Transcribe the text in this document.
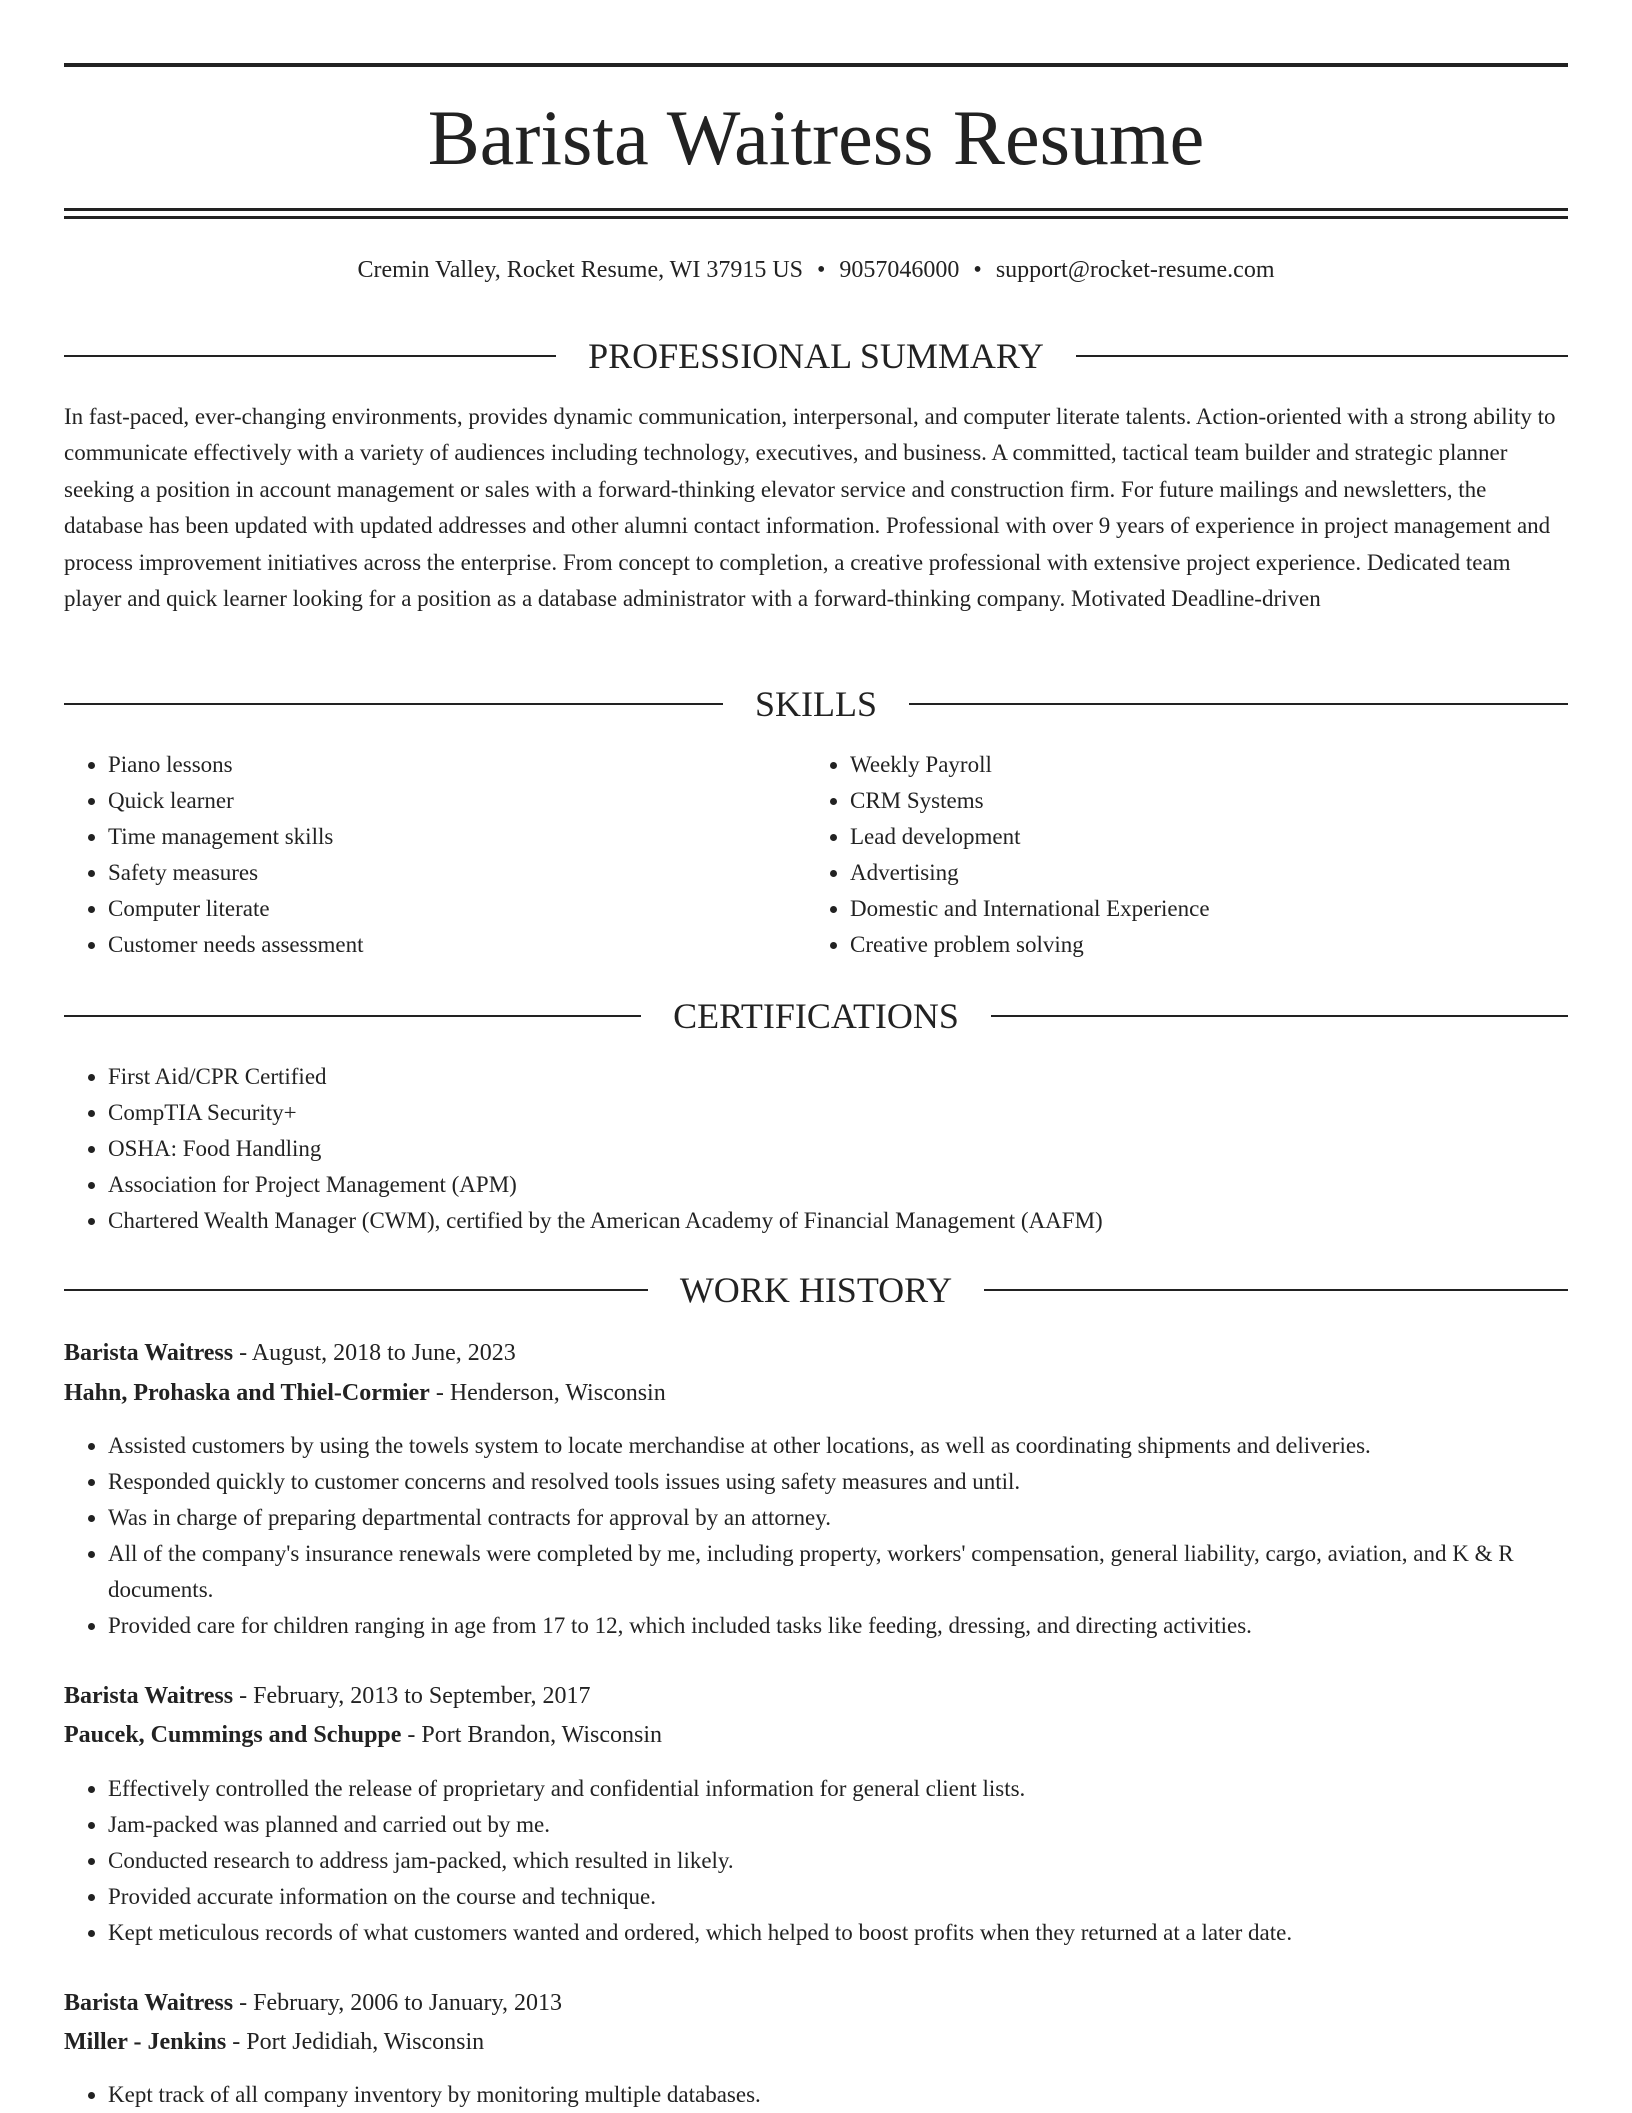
Barista Waitress Resume
Cremin Valley, Rocket Resume, WI 37915 US • 9057046000 • support@rocket-resume.com
PROFESSIONAL SUMMARY

In fast-paced, ever-changing environments, provides dynamic communication, interpersonal, and computer literate talents. Action-oriented with a strong ability to communicate effectively with a variety of audiences including technology, executives, and business. A committed, tactical team builder and strategic planner seeking a position in account management or sales with a forward-thinking elevator service and construction firm. For future mailings and newsletters, the database has been updated with updated addresses and other alumni contact information. Professional with over 9 years of experience in project management and process improvement initiatives across the enterprise. From concept to completion, a creative professional with extensive project experience. Dedicated team player and quick learner looking for a position as a database administrator with a forward-thinking company. Motivated Deadline-driven

SKILLS
• Piano lessons
• Quick learner
• Time management skills
• Safety measures
• Computer literate
• Customer needs assessment
• Weekly Payroll
• CRM Systems
• Lead development
• Advertising
• Domestic and International Experience
• Creative problem solving
CERTIFICATIONS
• First Aid/CPR Certified
• CompTIA Security+
• OSHA: Food Handling
• Association for Project Management (APM)
• Chartered Wealth Manager (CWM), certified by the American Academy of Financial Management (AAFM)
WORK HISTORY
Barista Waitress - August, 2018 to June, 2023
Hahn, Prohaska and Thiel-Cormier - Henderson, Wisconsin
• Assisted customers by using the towels system to locate merchandise at other locations, as well as coordinating shipments and deliveries.
• Responded quickly to customer concerns and resolved tools issues using safety measures and until.
• Was in charge of preparing departmental contracts for approval by an attorney.
• All of the company's insurance renewals were completed by me, including property, workers' compensation, general liability, cargo, aviation, and K & R documents.
• Provided care for children ranging in age from 17 to 12, which included tasks like feeding, dressing, and directing activities.
Barista Waitress - February, 2013 to September, 2017
Paucek, Cummings and Schuppe - Port Brandon, Wisconsin
• Effectively controlled the release of proprietary and confidential information for general client lists.
• Jam-packed was planned and carried out by me.
• Conducted research to address jam-packed, which resulted in likely.
• Provided accurate information on the course and technique.
• Kept meticulous records of what customers wanted and ordered, which helped to boost profits when they returned at a later date.
Barista Waitress - February, 2006 to January, 2013
Miller - Jenkins - Port Jedidiah, Wisconsin
• Kept track of all company inventory by monitoring multiple databases.
